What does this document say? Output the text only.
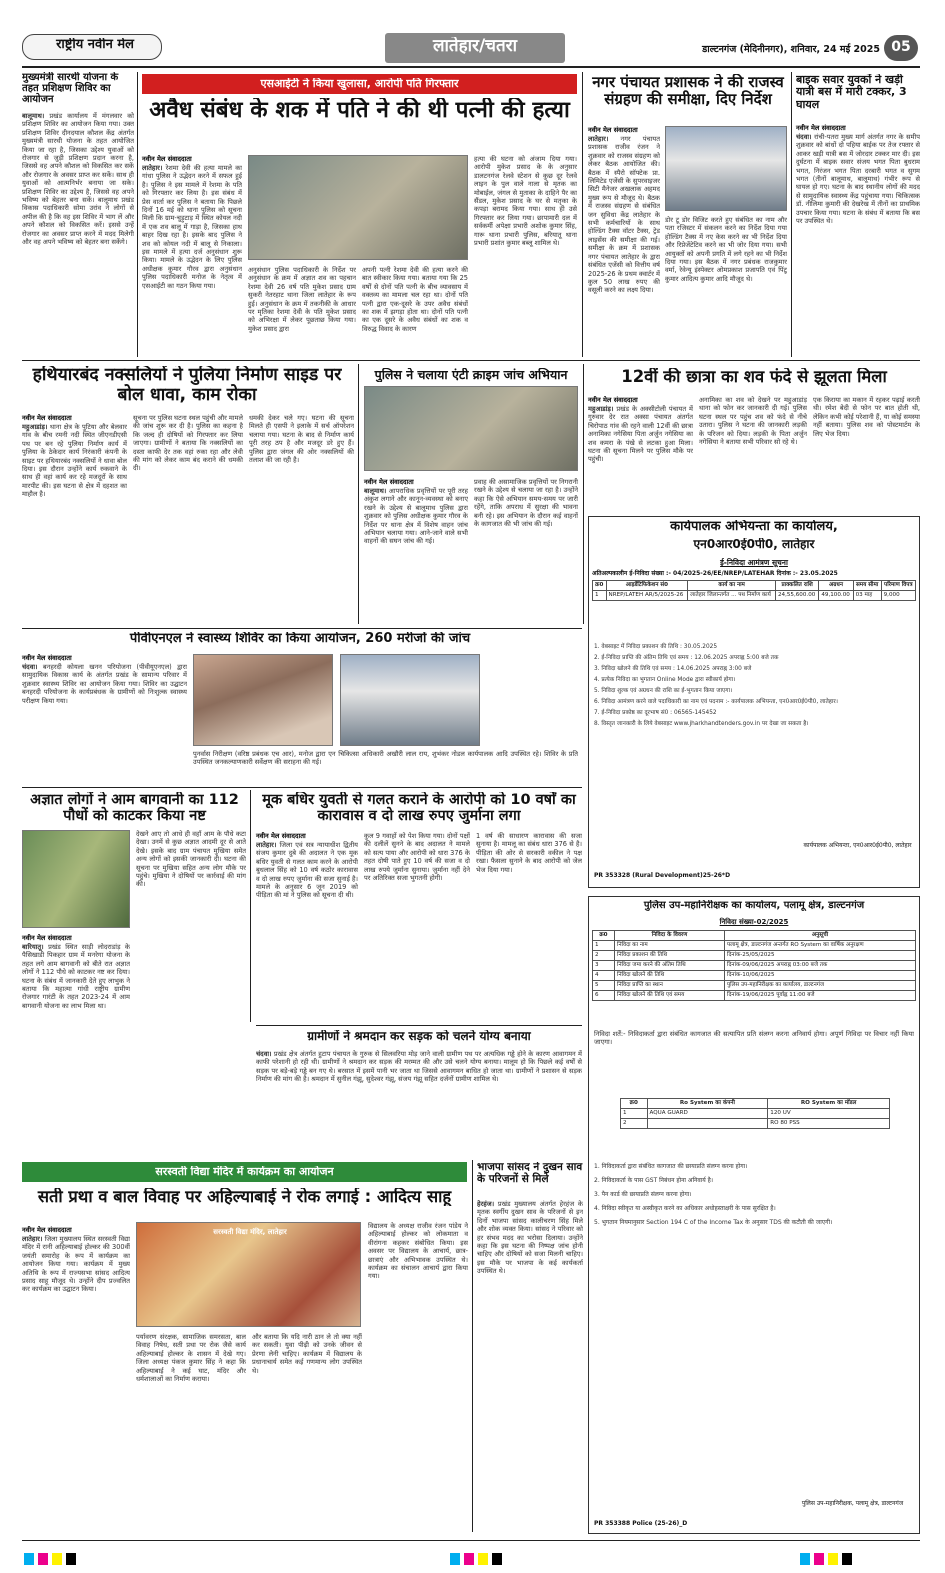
राष्ट्रीय नवीन मेल	लातेहार/चतरा	डाल्टनगंज (मेदिनीनगर), शनिवार, 24 मई 2025 05
मुख्यमंत्री सारथी योजना के तहत प्रशिक्षण शिविर का आयोजन
बालूमाथ। प्रखंड कार्यालय में मंगलवार को प्रशिक्षण शिविर का आयोजन किया गया। उक्त प्रशिक्षण शिविर दीनदयाल कौशल केंद्र अंतर्गत मुख्यमंत्री सारथी योजना के तहत आयोजित किया जा रहा है, जिसका उद्देश्य युवाओं को रोजगार से जुड़ी प्रशिक्षण प्रदान करना है, जिससे वह अपने कौशल को विकसित कर सकें और रोजगार के अवसर प्राप्त कर सकें। साथ ही युवाओं को आत्मनिर्भर बनाया जा सके। प्रशिक्षण शिविर का उद्देश्य है, जिससे वह अपने भविष्य को बेहतर बना सकें। बालूमाथ प्रखंड विकास पदाधिकारी सोमा उरांव ने लोगों से अपील की है कि वह इस शिविर में भाग लें और अपने कौशल को विकसित करें। इससे उन्हें रोजगार का अवसर प्राप्त करने में मदद मिलेगी और वह अपने भविष्य को बेहतर बना सकेंगे।
एसआईटी ने किया खुलासा, आरोपी पति गिरफ्तार
अवैध संबंध के शक में पति ने की थी पत्नी की हत्या
नवीन मेल संवाददाता
लातेहार। रेशमा देवी की हत्या मामले का गांधा पुलिस ने उद्भेदन करने में सफल हुई है। पुलिस ने इस मामले में रेशमा के पति को गिरफ्तार कर लिया है। इस संबंध में प्रेस वार्ता कर पुलिस ने बताया कि पिछले दिनों 16 मई को थाना पुलिस को सूचना मिली कि ग्राम-चुड़ुटाड़ में स्थित कोयल नदी में एक शव बालू में गाड़ा है, जिसका हाथ बाहर दिख रहा है। इसके बाद पुलिस ने शव को कोयल नदी में बालू से निकाला। इस मामले में हत्या दर्ज अनुसंधान शुरू किया। मामले के उद्भेदन के लिए पुलिस अधीक्षक कुमार गौरव द्वारा अनुसंधान पुलिस पदाधिकारी मनोज के नेतृत्व में एसआईटी का गठन किया गया।
अनुसंधान पुलिस पदाधिकारी के निर्देश पर अनुसंधान के क्रम में अज्ञात शव का पहचान रेशमा देवी 26 वर्ष पति मुकेश प्रसाद ग्राम सुकरी नेतरहाट थाना जिला लातेहार के रूप हुई। अनुसंधान के क्रम में तकनीकी के आधार पर मृतिका रेशमा देवी के पति मुकेश प्रसाद को अभिरक्षा में लेकर पूछताछ किया गया। मुकेश प्रसाद द्वारा
अपनी पत्नी रेशमा देवी की हत्या करने की बात स्वीकार किया गया। बताया गया कि 25 वर्षों से दोनों पति पत्नी के बीच व्यावसाय में वक्तव्य का मामला चल रहा था। दोनों पति पत्नी द्वारा एक-दूसरे के उपर अवैध संबंधों का शक में झगड़ा होता था। दोनों पति पत्नी का एक दूसरे के अवैध संबंधों का शक व विरुद्ध विवाद के कारण
हत्या की घटना को अंजाम दिया गया। आरोपी मुकेश प्रसाद के के अनुसार डालटनगंज रेलवे स्टेशन से कुछ दूर रेलवे लाइन के पुल वाले नाला से मृतक का मोबाईल, जंगल से मुताका के दाहिने पैर का सैंडल, मुकेश प्रसाद के घर से मतृका के कपड़ा बरामद किया गया। साथ ही उसे गिरफ्तार कर लिया गया। छापामारी दल में सर्वकर्मी अपेक्षा प्रभारी अशोक कुमार सिंह, गारू थाना प्रभारी पुलिस, बरियातू थाना प्रभारी प्रशांत कुमार बब्लू शामिल थे।
नगर पंचायत प्रशासक ने की राजस्व संग्रहण की समीक्षा, दिए निर्देश
नवीन मेल संवाददाता
लातेहार। नगर पंचायत प्रशासक राजीव रंजन ने शुक्रवार को राजस्व संग्रहण को लेकर बैठक आयोजित की। बैठक में स्पैरो सॉफ्टेक प्रा. लिमिटेड एजेंसी के सुपरवाइजर सिटी मैनेजर अखलाक अहमद मुख्य रूप से मौजूद थे। बैठक में राजस्व संग्रहण से संबंधित जन सुविधा केंद्र लातेहार के सभी कर्मचारियों के साथ होल्डिंग टैक्स वॉटर टैक्स, ट्रेड लाइसेंस की समीक्षा की गई। समीक्षा के क्रम में प्रशासक नगर पंचायत लातेहार के द्वारा संबंधित एजेंसी को वित्तीय वर्ष 2025-26 के प्रथम क्वार्टर में कुल 50 लाख रुपए की वसूली करने का लक्ष्य दिया।
डोर टू डोर विजिट करते हुए संबंधित का नाम और पता रजिस्टर में संकलन करने का निर्देश दिया गया होल्डिंग टैक्स में नए केस करने का भी निर्देश दिया और रिप्रेजेंटेटिव करने का भी जोर दिया गया। सभी आयुक्तों को अपनी प्रगति में लगे रहने का भी निर्देश दिया गया। इस बैठक में नगर प्रबंधक राजकुमार वर्मा, रेवेन्यू इंस्पेक्टर ओमप्रकाश प्रजापति एवं पिंटू कुमार आदित्य कुमार आदि मौजूद थे।
बाइक सवार युवकों ने खड़ी यात्री बस में मारी टक्कर, 3 घायल
नवीन मेल संवाददाता
चंदवा। रांची-पतरा मुख्य मार्ग अंतर्गत नगर के समीप शुक्रवार को बांधों दो पहिया बाईक पर तेज रफ्तार से आकर खड़ी यात्री बस में जोरदार टक्कर मार दी। इस दुर्घटना में बाइक सवार संजय भगत पिता बुधराम भगत, निरंजन भगत पिता दरबारी भगत व सुगम भगत (तीनों बालूमाथ, बालूमाथ) गंभीर रूप से घायल हो गए। घटना के बाद स्थानीय लोगों की मदद से सामुदायिक स्वास्थ्य केंद्र पहुंचाया गया। चिकित्सक डॉ. नीलिमा कुमारी की देखरेख में तीनों का प्राथमिक उपचार किया गया। घटना के संबंध में बताया कि बस पर उपस्थित थे।
हथियारबंद नक्सलियों ने पुलिया निर्माण साइड पर बोल धावा, काम रोका
नवीन मेल संवाददाता
महुआडांड़। थाना क्षेत्र के पुटिया और बेलवार गांव के बीच रमनी नदी स्थित जीएनडीएसी पथ पर बन रहे पुलिया निर्माण कार्य में पुलिया के ठेकेदार कार्य निरंकारी कंपनी के साइट पर हथियारबंद नक्सलियों ने धावा बोल दिया। इस दौरान उन्होंने कार्य रुकवाने के साथ ही वहां कार्य कर रहे मजदूरों के साथ मारपीट की। इस घटना से क्षेत्र में दहशत का माहौल है।
सूचना पर पुलिस घटना स्थल पहुंची और मामले की जांच शुरू कर दी है। पुलिस का कहना है कि जल्द ही दोषियों को गिरफ्तार कर लिया जाएगा। ग्रामीणों ने बताया कि नक्सलियों का दस्ता काफी देर तक वहां रुका रहा और लेवी की मांग को लेकर काम बंद कराने की धमकी दी।
धमकी देकर चले गए। घटना की सूचना मिलते ही एसपी ने इलाके में सर्च ऑपरेशन चलाया गया। घटना के बाद से निर्माण कार्य पूरी तरह ठप है और मजदूर डरे हुए हैं। पुलिस द्वारा जंगल की ओर नक्सलियों की तलाश की जा रही है।
पुलिस ने चलाया एंटी क्राइम जांच अभियान
नवीन मेल संवाददाता
बालूमाथ। आपराधिक प्रवृत्तियों पर पूरी तरह अंकुश लगाने और कानून-व्यवस्था को बनाए रखने के उद्देश्य से बालूमाथ पुलिस द्वारा शुक्रवार को पुलिस अधीक्षक कुमार गौरव के निर्देश पर थाना क्षेत्र में विशेष वाहन जांच अभियान चलाया गया। आने-जाने वाले सभी वाहनों की सघन जांच की गई।
प्रवाह की असामाजिक प्रवृत्तियों पर निगरानी रखने के उद्देश्य से चलाया जा रहा है। उन्होंने कहा कि ऐसे अभियान समय-समय पर जारी रहेंगे, ताकि अपराध में सुरक्षा की भावना बनी रहे। इस अभियान के दौरान कई वाहनों के कागजात की भी जांच की गई।
12वीं की छात्रा का शव फंदे से झूलता मिला
नवीन मेल संवाददाता
महुआडांड़। प्रखंड के अक्सीटोली पंचायत में गुरुवार देर रात अक्सा पंचायत अंतर्गत चिरोपाठ गांव की रहने वाली 12वीं की छात्रा अनामिका नगेसिया पिता अर्जुन नगेसिया का शव कमरा के पंखे से लटका हुआ मिला। घटना की सूचना मिलने पर पुलिस मौके पर पहुंची।
अनामिका का शव को देखने पर महुआडांड़ थाना को फोन कर जानकारी दी गई। पुलिस घटना स्थल पर पहुंच शव को फंदे से नीचे उतारा। पुलिस ने घटना की जानकारी लड़की के परिजन को दिया। लड़की के पिता अर्जुन नगेसिया ने बताया सभी परिवार सो रहे थे।
एक किराया का मकान में रहकर पढ़ाई करती थी। रमेश बेदी से फोन पर बात होती थी, लेकिन कभी कोई परेशानी हैं, या कोई समस्या नहीं बताया। पुलिस शव को पोस्टमार्टम के लिए भेज दिया।
कार्यपालक अभियन्ता का कार्यालय,
एन0आर0ई0पी0, लातेहार
ई-निविदा आमंत्रण सूचना
अतिअल्पकालीन ई-निविदा संख्या :- 04/2025-26/EE/NREP/LATEHAR दिनांक :- 23.05.2025
क्र0	आइडेंटिफिकेशन सं0	कार्य का नाम	प्राक्कलित राशि	अग्रधन	समय सीमा	परिमाण विपत्र
1	NREP/LATEH AR/5/2025-26	लातेहार जिलान्तर्गत ... पथ निर्माण कार्य	24,55,600.00	49,100.00	03 माह	9,000
1. वेबसाइट में निविदा प्रकाशन की तिथि : 30.05.2025
2. ई-निविदा प्राप्ति की अंतिम तिथि एवं समय : 12.06.2025 अपराह्न 5:00 बजे तक
3. निविदा खोलने की तिथि एवं समय : 14.06.2025 अपराह्न 3:00 बजे
4. प्रत्येक निविदा का भुगतान Online Mode द्वारा स्वीकार्य होगा।
5. निविदा शुल्क एवं अग्रधन की राशि का ई-भुगतान किया जाएगा।
6. निविदा आमंत्रण करने वाले पदाधिकारी का नाम एवं पदनाम :- कार्यपालक अभियन्ता, एन0आर0ई0पी0, लातेहार।
7. ई-निविदा प्रकोष्ठ का दूरभाष सं0 : 06565-145452
8. विस्तृत जानकारी के लिये वेबसाइट www.jharkhandtenders.gov.in पर देखा जा सकता है।
कार्यपालक अभियन्ता, एन0आर0ई0पी0, लातेहार
PR 353328 (Rural Development)25-26*D
पीवीएनएल ने स्वास्थ्य शिविर का किया आयोजन, 260 मरीजों की जांच
नवीन मेल संवाददाता
चंदवा। बनहरदी कोयला खनन परियोजना (पीवीयूएनएल) द्वारा सामुदायिक विकास कार्य के अंतर्गत प्रखंड के सामान्य परिवार में शुक्रवार स्वास्थ्य शिविर का आयोजन किया गया। शिविर का उद्घाटन बनहरदी परियोजना के कार्यप्रबंधक के ग्रामीणों को निःशुल्क स्वास्थ्य परीक्षण किया गया।
पुनर्वास निरीक्षण (वरिष्ठ प्रबंधक एच आर), मनोज द्वारा एन चिकित्सा अधिकारी अखौरी लाल राय, शुभंकर नोडल कार्यपालक आदि उपस्थित रहे। शिविर के प्रति उपस्थित जनकल्याणकारी सर्वेक्षण की सराहना की गई।
अज्ञात लोगों ने आम बागवानी का 112 पौधों को काटकर किया नष्ट
नवीन मेल संवाददाता
बारियातू। प्रखंड स्थित साड़ी लोदराडांड़ के पैसिखाडी पिकहार ग्राम में मनरेगा योजना के तहत लगे आम बागवानी को बीते रात अज्ञात लोगों ने 112 पौधे को काटकर नष्ट कर दिया। घटना के संबंध में जानकारी देते हुए लाभुक ने बताया कि महात्मा गांधी राष्ट्रीय ग्रामीण रोजगार गारंटी के तहत 2023-24 में आम बागवानी योजना का लाभ मिला था।
देखने आए तो आधे ही वहाँ आम के पौधे कटा देखा। उनमें से कुछ अज्ञात आदमी दूर से आते देखे। इसके बाद ग्राम पंचायत मुखिया समेत अन्य लोगों को इसकी जानकारी दी। घटना की सूचना पर मुखिया सहित अन्य लोग मौके पर पहुंचे। मुखिया ने दोषियों पर कार्रवाई की मांग की।
मूक बधिर युवती से गलत कराने के आरोपी को 10 वर्षों का कारावास व दो लाख रुपए जुर्माना लगा
नवीन मेल संवाददाता
लातेहार। जिला एवं सत्र न्यायाधीश द्वितीय संजय कुमार दुबे की अदालत ने एक मूक बधिर युवती से गलत काम करने के आरोपी बुधलाल सिंह को 10 वर्ष कठोर कारावास व दो लाख रुपए जुर्माना की सजा सुनाई है। मामले के अनुसार 6 जून 2019 को पीड़िता की मां ने पुलिस को सूचना दी थी।
कुल 9 गवाहों को पेश किया गया। दोनों पक्षों की दलीलें सुनने के बाद अदालत ने मामले को सत्य पाया और आरोपी को धारा 376 के तहत दोषी पाते हुए 10 वर्ष की सजा व दो लाख रुपये जुर्माना सुनाया। जुर्माना नहीं देने पर अतिरिक्त सजा भुगतनी होगी।
1 वर्ष की साधारण कारावास की सजा सुनाया है। मामलू का संबंध धारा 376 से है। पीड़िता की ओर से सरकारी वकील ने पक्ष रखा। फैसला सुनाने के बाद आरोपी को जेल भेज दिया गया।
ग्रामीणों ने श्रमदान कर सड़क को चलने योग्य बनाया
चंदवा। प्रखंड क्षेत्र अंतर्गत हुटाप पंचायत के गुरुक से सिलवरिया मोड़ जाने वाली ग्रामीण पथ पर अत्यधिक गड्ढे होने के कारण आवागमन में काफी परेशानी हो रही थी। ग्रामीणों ने श्रमदान कर सड़क की मरम्मत की और उसे चलने योग्य बनाया। मालूम हो कि पिछले कई वर्षों से सड़क पर बड़े-बड़े गड्ढे बन गए थे। बरसात में इसमें पानी भर जाता था जिससे आवागमन बाधित हो जाता था। ग्रामीणों ने प्रशासन से सड़क निर्माण की मांग की है। श्रमदान में सुनील गंझू, सुदेश्वर गंझू, संजय गंझू सहित दर्जनों ग्रामीण शामिल थे।
पुलिस उप-महानिरीक्षक का कार्यालय, पलामू क्षेत्र, डाल्टनगंज
निविदा संख्या-02/2025
क्र0	निविदा के विवरण	अनुसूची
1	निविदा का नाम	पलामू क्षेत्र, डाल्टनगंज अन्तर्गत RO System का वार्षिक अनुरक्षण
2	निविदा प्रकाशन की तिथि	दिनांक-25/05/2025
3	निविदा जमा करने की अंतिम तिथि	दिनांक-09/06/2025 अपराह्न 03:00 बजे तक
4	निविदा खोलने की तिथि	दिनांक-10/06/2025
5	निविदा प्राप्ति का स्थान	पुलिस उप-महानिरीक्षक का कार्यालय, डाल्टनगंज
6	निविदा खोलने की तिथि एवं समय	दिनांक-19/06/2025 पूर्वाह्न 11:00 बजे
निविदा शर्तें:- निविदाकर्ता द्वारा संबंधित कागजात की सत्यापित प्रति संलग्न करना अनिवार्य होगा। अपूर्ण निविदा पर विचार नहीं किया जाएगा।
क्र0	Ro System का कंपनी	RO System का मॉडल
1	AQUA GUARD	120 UV
2		RO 80 PSS
1. निविदाकर्ता द्वारा संबंधित कागजात की छायाप्रति संलग्न करना होगा।
2. निविदाकर्ता के पास GST निबंधन होना अनिवार्य है।
3. पैन कार्ड की छायाप्रति संलग्न करना होगा।
4. निविदा स्वीकृत या अस्वीकृत करने का अधिकार अधोहस्ताक्षरी के पास सुरक्षित है।
5. भुगतान नियमानुसार Section 194 C of the Income Tax के अनुसार TDS की कटौती की जाएगी।
पुलिस उप-महानिरीक्षक, पलामू क्षेत्र, डाल्टनगंज
PR 353388 Police (25-26)_D
सरस्वती विद्या मंदिर में कार्यक्रम का आयोजन
सती प्रथा व बाल विवाह पर अहिल्याबाई ने रोक लगाई : आदित्य साहू
नवीन मेल संवाददाता
लातेहार। जिला मुख्यालय स्थित सरस्वती विद्या मंदिर में रानी अहिल्याबाई होल्कर की 300वीं जयंती समारोह के रूप में कार्यक्रम का आयोजन किया गया। कार्यक्रम में मुख्य अतिथि के रूप में राज्यसभा सांसद आदित्य प्रसाद साहू मौजूद थे। उन्होंने दीप प्रज्वलित कर कार्यक्रम का उद्घाटन किया।
सरस्वती विद्या मंदिर, लातेहार
पर्यावरण संरक्षक, सामाजिक समरसता, बाल विवाह निषेध, सती प्रथा पर रोक जैसे कार्य अहिल्याबाई होल्कर के शासन में देखे गए। जिला अध्यक्ष पंकज कुमार सिंह ने कहा कि अहिल्याबाई ने कई घाट, मंदिर और धर्मशालाओं का निर्माण कराया।
और बताया कि यदि नारी ठान ले तो क्या नहीं कर सकती। युवा पीढ़ी को उनके जीवन से प्रेरणा लेनी चाहिए। कार्यक्रम में विद्यालय के प्रधानाचार्य समेत कई गणमान्य लोग उपस्थित थे।
विद्यालय के अध्यक्ष राजीव रंजन पांडेय ने अहिल्याबाई होल्कर को लोकमाता व वीरांगना कहकर संबोधित किया। इस अवसर पर विद्यालय के आचार्य, छात्र-छात्राएं और अभिभावक उपस्थित थे। कार्यक्रम का संचालन आचार्य द्वारा किया गया।
भाजपा सांसद ने दुखन साव के परिजनों से मिले
हेरहंज। प्रखंड मुख्यालय अंतर्गत हेरहंज के मृतक स्वर्गीय दुखन साव के परिजनों से इन दिनों भाजपा सांसद कालीचरण सिंह मिले और शोक व्यक्त किया। सांसद ने परिवार को हर संभव मदद का भरोसा दिलाया। उन्होंने कहा कि इस घटना की निष्पक्ष जांच होनी चाहिए और दोषियों को सजा मिलनी चाहिए। इस मौके पर भाजपा के कई कार्यकर्ता उपस्थित थे।
